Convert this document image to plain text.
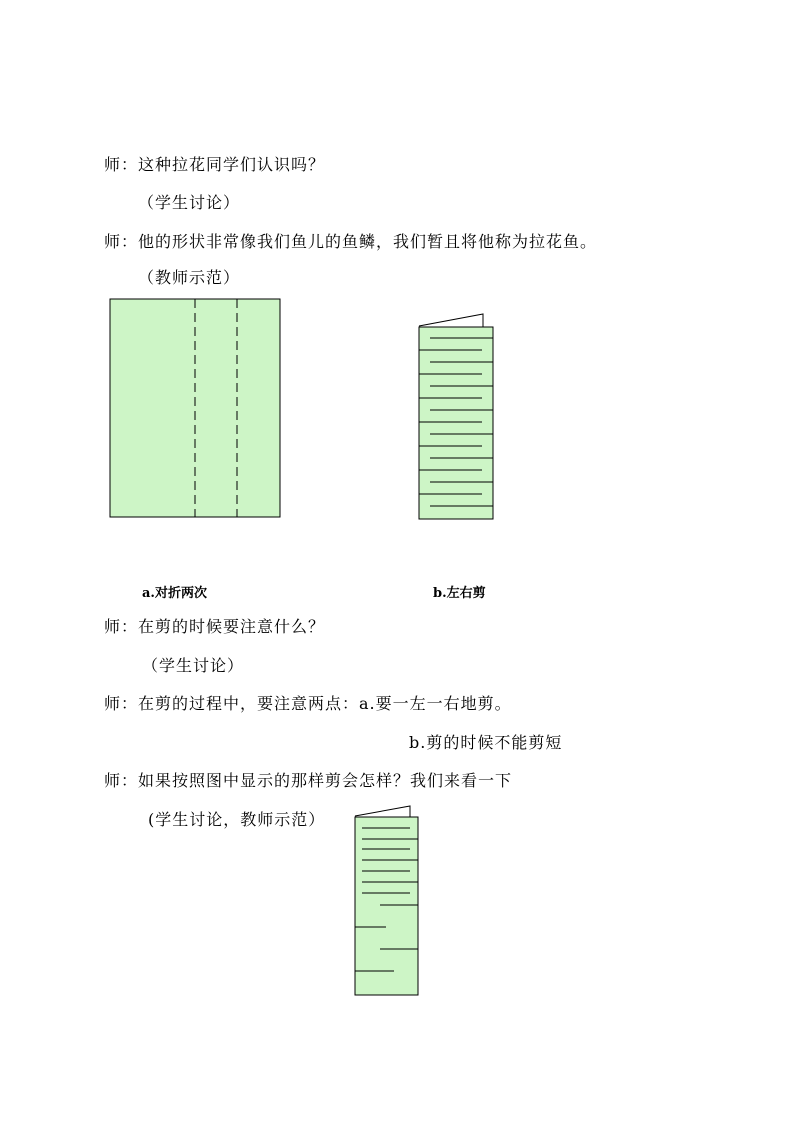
师：这种拉花同学们认识吗？
（学生讨论）
师：他的形状非常像我们鱼儿的鱼鳞，我们暂且将他称为拉花鱼。
（教师示范）
a.对折两次	b.左右剪
师：在剪的时候要注意什么？
（学生讨论）
师：在剪的过程中，要注意两点：a.要一左一右地剪。
b.剪的时候不能剪短
师：如果按照图中显示的那样剪会怎样？我们来看一下
(学生讨论，教师示范）
